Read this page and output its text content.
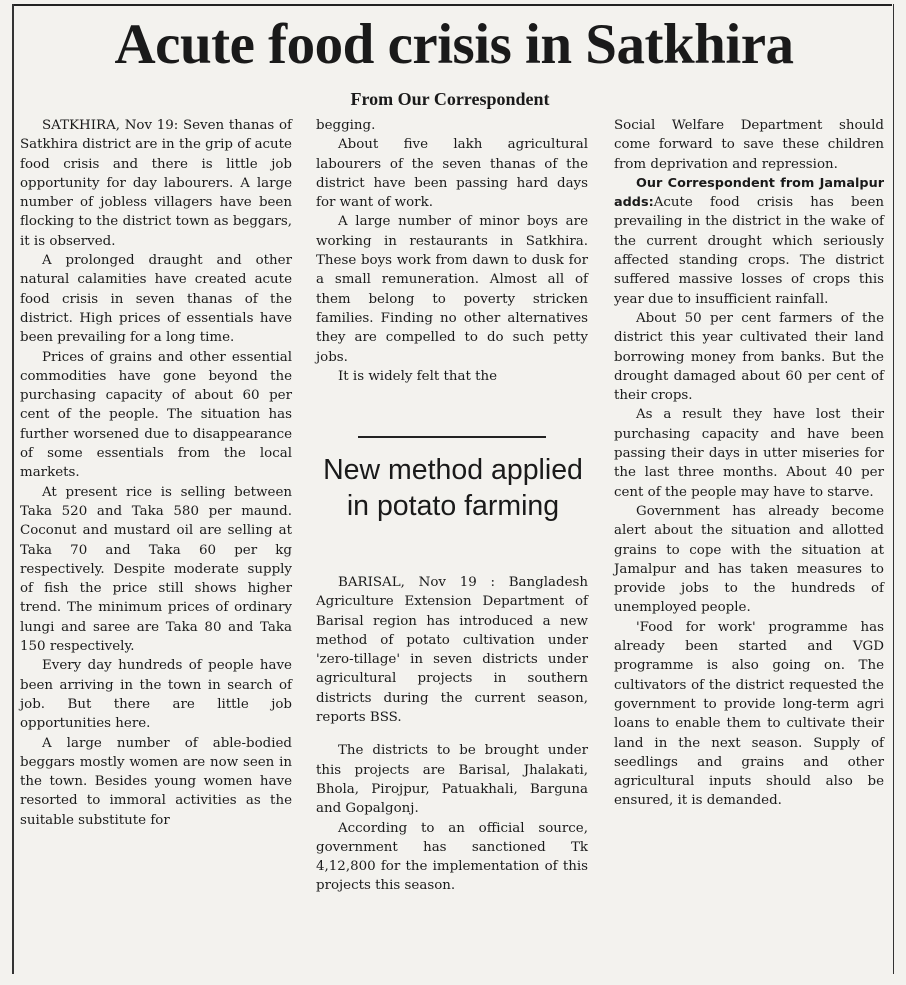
Acute food crisis in Satkhira
From Our Correspondent

SATKHIRA, Nov 19: Seven thanas of Satkhira district are in the grip of acute food crisis and there is little job opportunity for day labourers. A large number of jobless villagers have been flocking to the district town as beggars, it is observed.

A prolonged draught and other natural calamities have created acute food crisis in seven thanas of the district. High prices of essentials have been prevailing for a long time.

Prices of grains and other essential commodities have gone beyond the purchasing capacity of about 60 per cent of the people. The situation has further worsened due to disappearance of some essentials from the local markets.

At present rice is selling between Taka 520 and Taka 580 per maund. Coconut and mustard oil are selling at Taka 70 and Taka 60 per kg respectively. Despite moderate supply of fish the price still shows higher trend. The minimum prices of ordinary lungi and saree are Taka 80 and Taka 150 respectively.

Every day hundreds of people have been arriving in the town in search of job. But there are little job opportunities here.

A large number of able-bodied beggars mostly women are now seen in the town. Besides young women have resorted to immoral activities as the suitable substitute for

begging.

About five lakh agricultural labourers of the seven thanas of the district have been passing hard days for want of work.

A large number of minor boys are working in restaurants in Satkhira. These boys work from dawn to dusk for a small remuneration. Almost all of them belong to poverty stricken families. Finding no other alternatives they are compelled to do such petty jobs.

It is widely felt that the

New method applied in potato farming

BARISAL, Nov 19 : Bangladesh Agriculture Extension Department of Barisal region has introduced a new method of potato cultivation under 'zero-tillage' in seven districts under agricultural projects in southern districts during the current season, reports BSS.

The districts to be brought under this projects are Barisal, Jhalakati, Bhola, Pirojpur, Patuakhali, Barguna and Gopalgonj.

According to an official source, government has sanctioned Tk 4,12,800 for the implementation of this projects this season.

Social Welfare Department should come forward to save these children from deprivation and repression.

Our Correspondent from Jamalpur adds:Acute food crisis has been prevailing in the district in the wake of the current drought which seriously affected standing crops. The district suffered massive losses of crops this year due to insufficient rainfall.

About 50 per cent farmers of the district this year cultivated their land borrowing money from banks. But the drought damaged about 60 per cent of their crops.

As a result they have lost their purchasing capacity and have been passing their days in utter miseries for the last three months. About 40 per cent of the people may have to starve.

Government has already become alert about the situation and allotted grains to cope with the situation at Jamalpur and has taken measures to provide jobs to the hundreds of unemployed people.

'Food for work' programme has already been started and VGD programme is also going on. The cultivators of the district requested the government to provide long-term agri loans to enable them to cultivate their land in the next season. Supply of seedlings and grains and other agricultural inputs should also be ensured, it is demanded.
